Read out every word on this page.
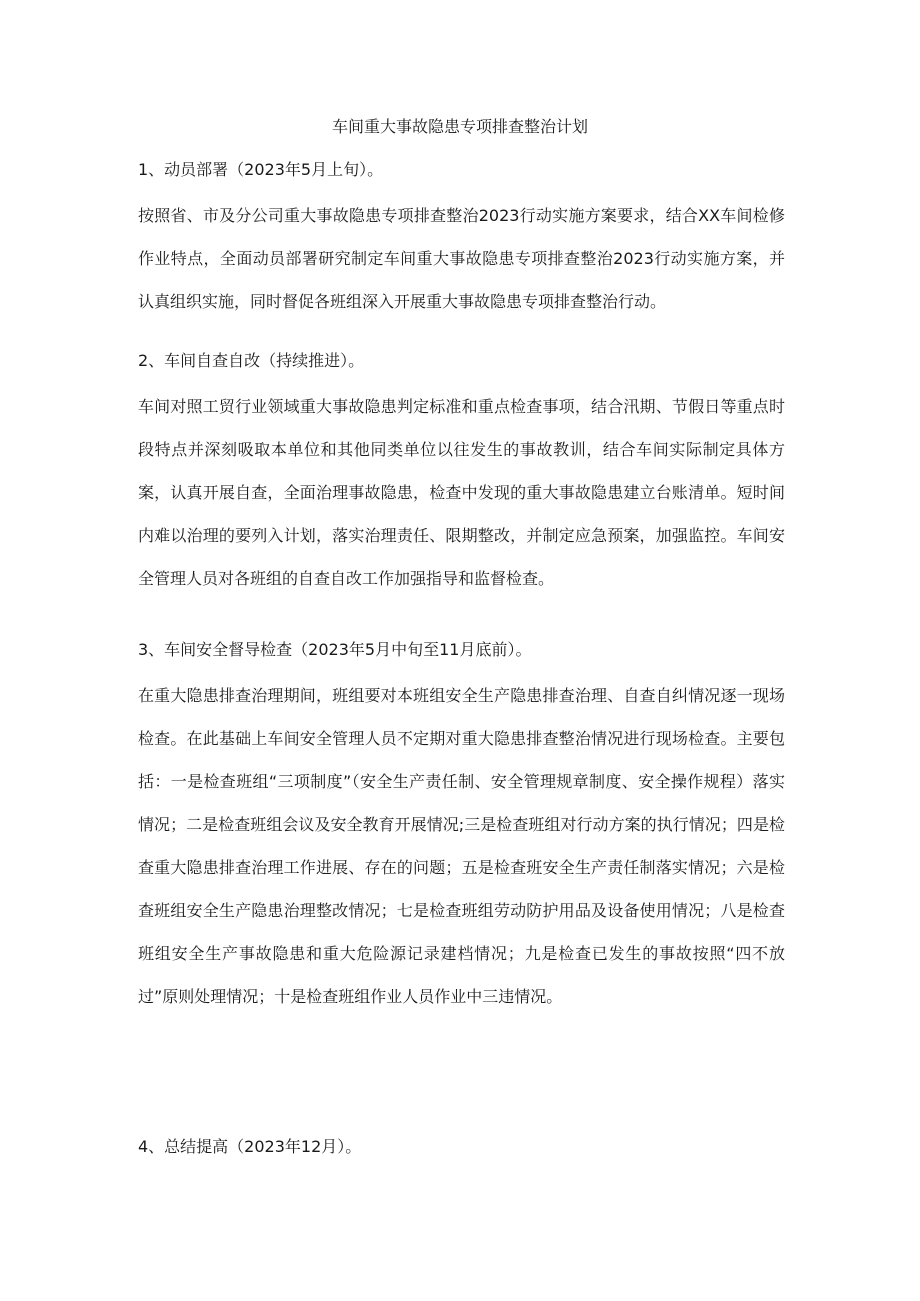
车间重大事故隐患专项排查整治计划
1、动员部署（2023年5月上旬）。
按照省、市及分公司重大事故隐患专项排查整治2023行动实施方案要求，结合XX车间检修作业特点，全面动员部署研究制定车间重大事故隐患专项排查整治2023行动实施方案，并认真组织实施，同时督促各班组深入开展重大事故隐患专项排查整治行动。
2、车间自查自改（持续推进）。
车间对照工贸行业领域重大事故隐患判定标准和重点检查事项，结合汛期、节假日等重点时段特点并深刻吸取本单位和其他同类单位以往发生的事故教训，结合车间实际制定具体方案，认真开展自查，全面治理事故隐患，检查中发现的重大事故隐患建立台账清单。短时间内难以治理的要列入计划，落实治理责任、限期整改，并制定应急预案，加强监控。车间安全管理人员对各班组的自查自改工作加强指导和监督检查。
3、车间安全督导检查（2023年5月中旬至11月底前）。
在重大隐患排查治理期间，班组要对本班组安全生产隐患排查治理、自查自纠情况逐一现场检查。在此基础上车间安全管理人员不定期对重大隐患排查整治情况进行现场检查。主要包括：一是检查班组“三项制度”（安全生产责任制、安全管理规章制度、安全操作规程）落实情况；二是检查班组会议及安全教育开展情况;三是检查班组对行动方案的执行情况；四是检查重大隐患排查治理工作进展、存在的问题；五是检查班安全生产责任制落实情况；六是检查班组安全生产隐患治理整改情况；七是检查班组劳动防护用品及设备使用情况；八是检查班组安全生产事故隐患和重大危险源记录建档情况；九是检查已发生的事故按照“四不放过”原则处理情况；十是检查班组作业人员作业中三违情况。
4、总结提高（2023年12月）。
